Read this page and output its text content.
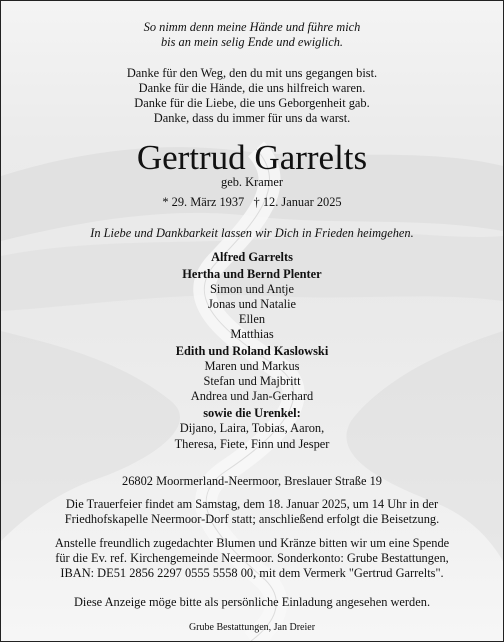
So nimm denn meine Hände und führe mich
bis an mein selig Ende und ewiglich.
Danke für den Weg, den du mit uns gegangen bist.
Danke für die Hände, die uns hilfreich waren.
Danke für die Liebe, die uns Geborgenheit gab.
Danke, dass du immer für uns da warst.
Gertrud Garrelts
geb. Kramer
* 29. März 1937   † 12. Januar 2025
In Liebe und Dankbarkeit lassen wir Dich in Frieden heimgehen.
Alfred Garrelts
Hertha und Bernd Plenter
Simon und Antje
Jonas und Natalie
Ellen
Matthias
Edith und Roland Kaslowski
Maren und Markus
Stefan und Majbritt
Andrea und Jan-Gerhard
sowie die Urenkel:
Dijano, Laira, Tobias, Aaron,
Theresa, Fiete, Finn und Jesper
26802 Moormerland-Neermoor, Breslauer Straße 19
Die Trauerfeier findet am Samstag, dem 18. Januar 2025, um 14 Uhr in der
Friedhofskapelle Neermoor-Dorf statt; anschließend erfolgt die Beisetzung.
Anstelle freundlich zugedachter Blumen und Kränze bitten wir um eine Spende
für die Ev. ref. Kirchengemeinde Neermoor. Sonderkonto: Grube Bestattungen,
IBAN: DE51 2856 2297 0555 5558 00, mit dem Vermerk "Gertrud Garrelts".
Diese Anzeige möge bitte als persönliche Einladung angesehen werden.
Grube Bestattungen, Jan Dreier
